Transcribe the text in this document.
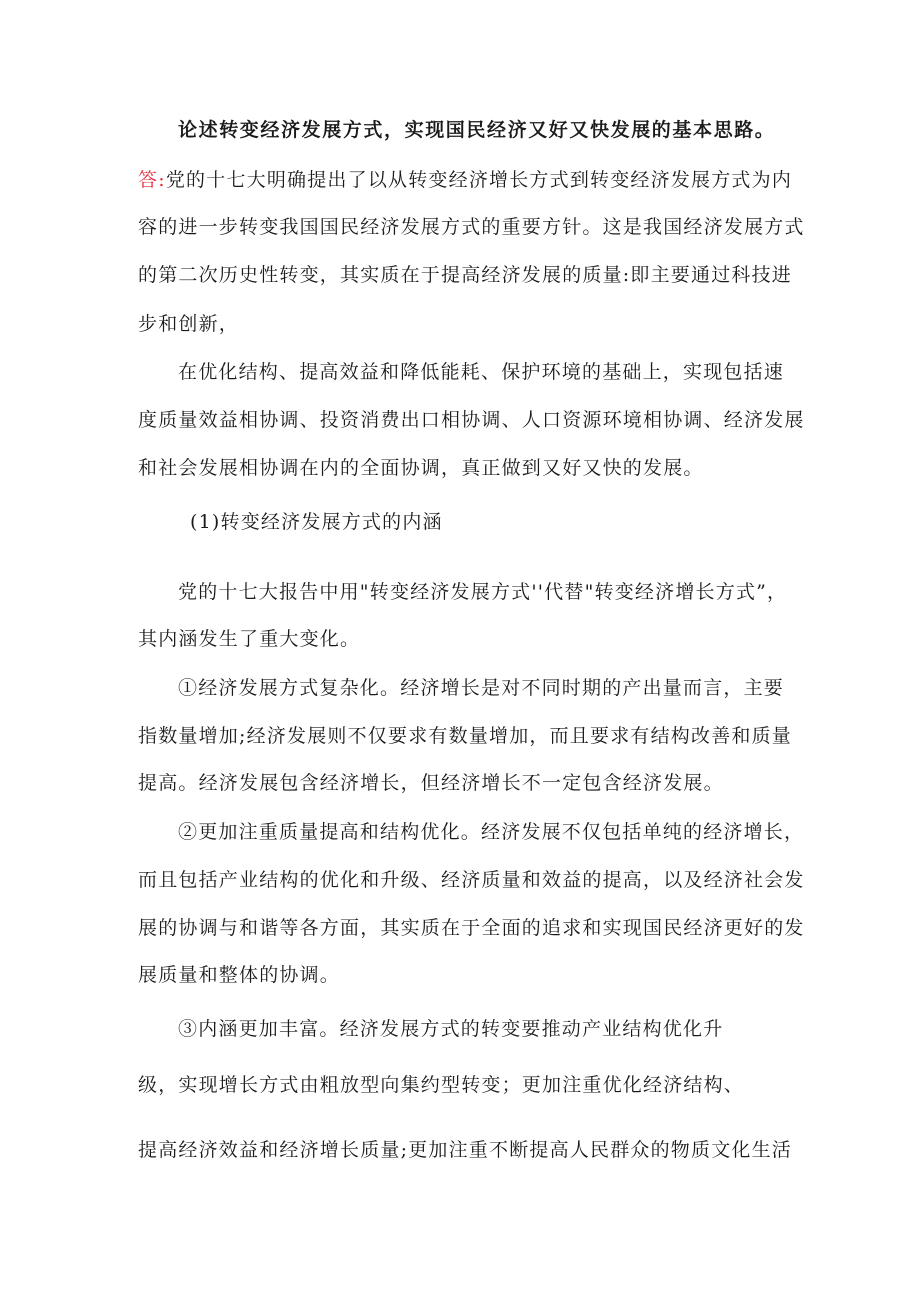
论述转变经济发展方式，实现国民经济又好又快发展的基本思路。
答:党的十七大明确提出了以从转变经济增长方式到转变经济发展方式为内
容的进一步转变我国国民经济发展方式的重要方针。这是我国经济发展方式
的第二次历史性转变，其实质在于提高经济发展的质量:即主要通过科技进
步和创新，
在优化结构、提高效益和降低能耗、保护环境的基础上，实现包括速
度质量效益相协调、投资消费出口相协调、人口资源环境相协调、经济发展
和社会发展相协调在内的全面协调，真正做到又好又快的发展。
(1)转变经济发展方式的内涵
党的十七大报告中用"转变经济发展方式''代替"转变经济增长方式”，
其内涵发生了重大变化。
①经济发展方式复杂化。经济增长是对不同时期的产出量而言，主要
指数量增加;经济发展则不仅要求有数量增加，而且要求有结构改善和质量
提高。经济发展包含经济增长，但经济增长不一定包含经济发展。
②更加注重质量提高和结构优化。经济发展不仅包括单纯的经济增长，
而且包括产业结构的优化和升级、经济质量和效益的提高，以及经济社会发
展的协调与和谐等各方面，其实质在于全面的追求和实现国民经济更好的发
展质量和整体的协调。
③内涵更加丰富。经济发展方式的转变要推动产业结构优化升
级，实现增长方式由粗放型向集约型转变；更加注重优化经济结构、
提高经济效益和经济增长质量;更加注重不断提高人民群众的物质文化生活
